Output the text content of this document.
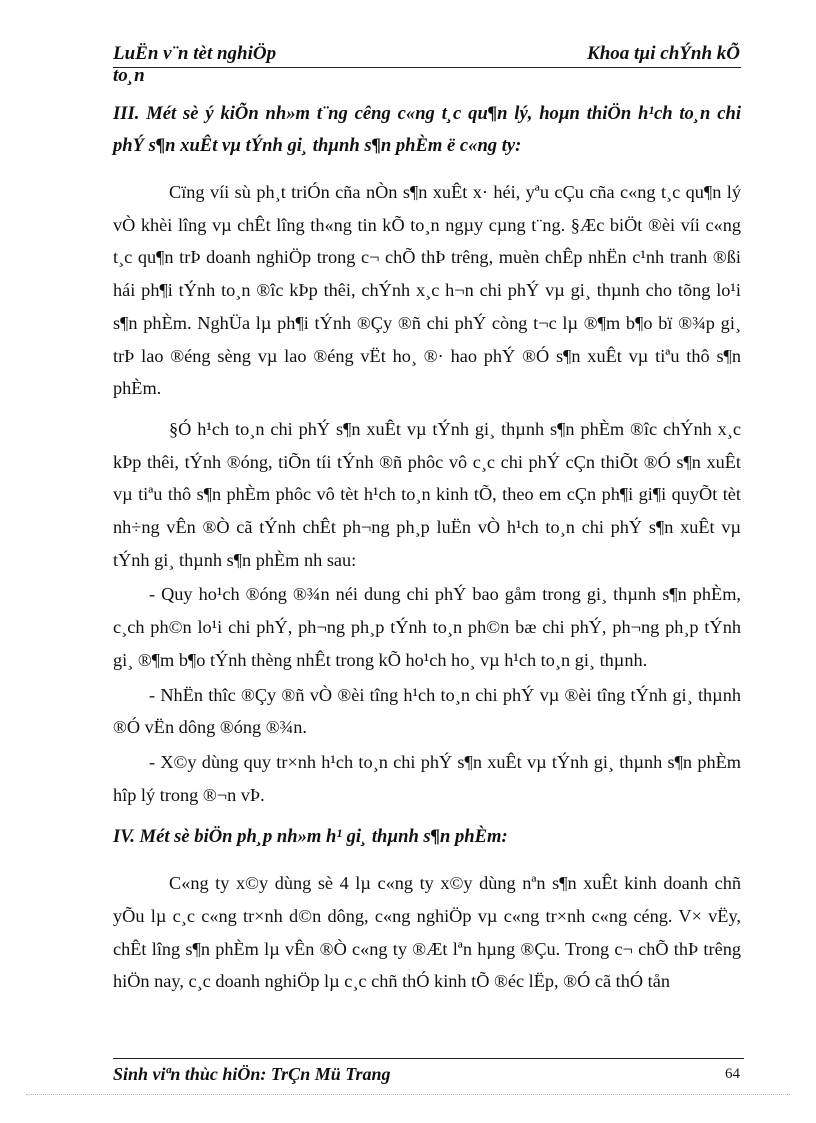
LuËn v¨n tèt nghiÖp	Khoa tµi chÝnh kÕ
to¸n

III. Mét sè ý kiÕn nh»m t¨ng cêng c«ng t¸c qu¶n lý, hoµn thiÖn h¹ch to¸n chi phÝ s¶n xuÊt vµ tÝnh gi¸ thµnh s¶n phÈm ë c«ng ty:

Cïng víi sù ph¸t triÓn cña nÒn s¶n xuÊt x· héi, yªu cÇu cña c«ng t¸c qu¶n lý vÒ khèi lîng vµ chÊt lîng th«ng tin kÕ to¸n ngµy cµng t¨ng. §Æc biÖt ®èi víi c«ng t¸c qu¶n trÞ doanh nghiÖp trong c¬ chÕ thÞ trêng, muèn chÊp nhËn c¹nh tranh ®ßi hái ph¶i tÝnh to¸n ®îc kÞp thêi, chÝnh x¸c h¬n chi phÝ vµ gi¸ thµnh cho tõng lo¹i s¶n phÈm. NghÜa lµ ph¶i tÝnh ®Çy ®ñ chi phÝ còng t¬c lµ ®¶m b¶o bï ®¾p gi¸ trÞ lao ®éng sèng vµ lao ®éng vËt ho¸ ®· hao phÝ ®Ó s¶n xuÊt vµ tiªu thô s¶n phÈm.

§Ó h¹ch to¸n chi phÝ s¶n xuÊt vµ tÝnh gi¸ thµnh s¶n phÈm ®îc chÝnh x¸c kÞp thêi, tÝnh ®óng, tiÕn tíi tÝnh ®ñ phôc vô c¸c chi phÝ cÇn thiÕt ®Ó s¶n xuÊt vµ tiªu thô s¶n phÈm phôc vô tèt h¹ch to¸n kinh tÕ, theo em cÇn ph¶i gi¶i quyÕt tèt nh÷ng vÊn ®Ò cã tÝnh chÊt ph¬ng ph¸p luËn vÒ h¹ch to¸n chi phÝ s¶n xuÊt vµ tÝnh gi¸ thµnh s¶n phÈm nh sau:

- Quy ho¹ch ®óng ®¾n néi dung chi phÝ bao gåm trong gi¸ thµnh s¶n phÈm, c¸ch ph©n lo¹i chi phÝ, ph¬ng ph¸p tÝnh to¸n ph©n bæ chi phÝ, ph¬ng ph¸p tÝnh gi¸ ®¶m b¶o tÝnh thèng nhÊt trong kÕ ho¹ch ho¸ vµ h¹ch to¸n gi¸ thµnh.

- NhËn thîc ®Çy ®ñ vÒ ®èi tîng h¹ch to¸n chi phÝ vµ ®èi tîng tÝnh gi¸ thµnh ®Ó vËn dông ®óng ®¾n.

- X©y dùng quy tr×nh h¹ch to¸n chi phÝ s¶n xuÊt vµ tÝnh gi¸ thµnh s¶n phÈm hîp lý trong ®¬n vÞ.

IV. Mét sè biÖn ph¸p nh»m h¹ gi¸ thµnh s¶n phÈm:

C«ng ty x©y dùng sè 4 lµ c«ng ty x©y dùng nªn s¶n xuÊt kinh doanh chñ yÕu lµ c¸c c«ng tr×nh d©n dông, c«ng nghiÖp vµ c«ng tr×nh c«ng céng. V× vËy, chÊt lîng s¶n phÈm lµ vÊn ®Ò c«ng ty ®Æt lªn hµng ®Çu. Trong c¬ chÕ thÞ trêng hiÖn nay, c¸c doanh nghiÖp lµ c¸c chñ thÓ kinh tÕ ®éc lËp, ®Ó cã thÓ tån

Sinh viªn thùc hiÖn: TrÇn Mü Trang	64
